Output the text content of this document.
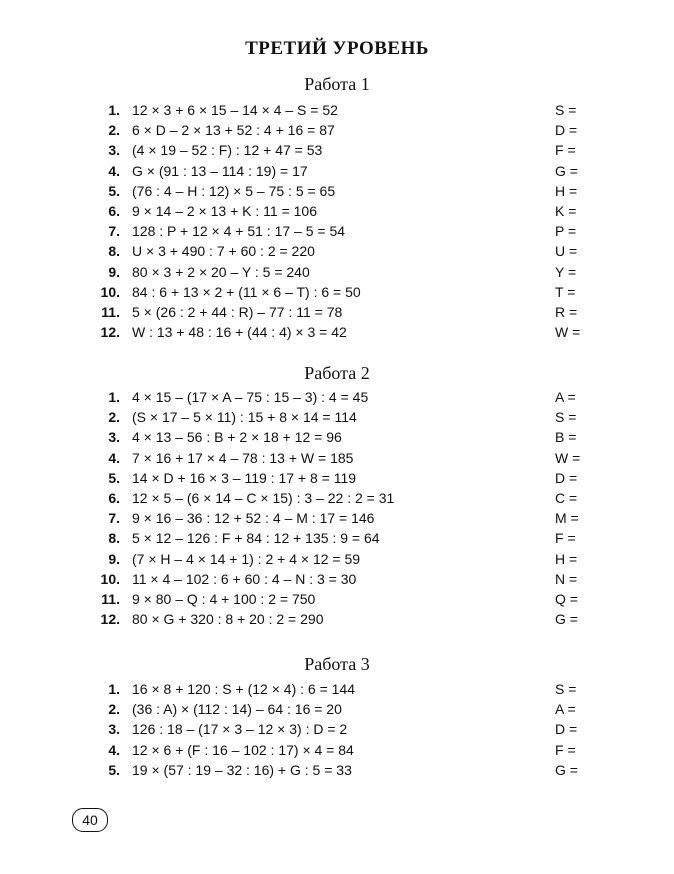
ТРЕТИЙ УРОВЕНЬ
Работа 1
1. 12 × 3 + 6 × 15 – 14 × 4 – S = 52	S =
2. 6 × D – 2 × 13 + 52 : 4 + 16 = 87	D =
3. (4 × 19 – 52 : F) : 12 + 47 = 53	F =
4. G × (91 : 13 – 114 : 19) = 17	G =
5. (76 : 4 – H : 12) × 5 – 75 : 5 = 65	H =
6. 9 × 14 – 2 × 13 + K : 11 = 106	K =
7. 128 : P + 12 × 4 + 51 : 17 – 5 = 54	P =
8. U × 3 + 490 : 7 + 60 : 2 = 220	U =
9. 80 × 3 + 2 × 20 – Y : 5 = 240	Y =
10. 84 : 6 + 13 × 2 + (11 × 6 – T) : 6 = 50	T =
11. 5 × (26 : 2 + 44 : R) – 77 : 11 = 78	R =
12. W : 13 + 48 : 16 + (44 : 4) × 3 = 42	W =
Работа 2
1. 4 × 15 – (17 × A – 75 : 15 – 3) : 4 = 45	A =
2. (S × 17 – 5 × 11) : 15 + 8 × 14 = 114	S =
3. 4 × 13 – 56 : B + 2 × 18 + 12 = 96	B =
4. 7 × 16 + 17 × 4 – 78 : 13 + W = 185	W =
5. 14 × D + 16 × 3 – 119 : 17 + 8 = 119	D =
6. 12 × 5 – (6 × 14 – C × 15) : 3 – 22 : 2 = 31	C =
7. 9 × 16 – 36 : 12 + 52 : 4 – M : 17 = 146	M =
8. 5 × 12 – 126 : F + 84 : 12 + 135 : 9 = 64	F =
9. (7 × H – 4 × 14 + 1) : 2 + 4 × 12 = 59	H =
10. 11 × 4 – 102 : 6 + 60 : 4 – N : 3 = 30	N =
11. 9 × 80 – Q : 4 + 100 : 2 = 750	Q =
12. 80 × G + 320 : 8 + 20 : 2 = 290	G =
Работа 3
1. 16 × 8 + 120 : S + (12 × 4) : 6 = 144	S =
2. (36 : A) × (112 : 14) – 64 : 16 = 20	A =
3. 126 : 18 – (17 × 3 – 12 × 3) : D = 2	D =
4. 12 × 6 + (F : 16 – 102 : 17) × 4 = 84	F =
5. 19 × (57 : 19 – 32 : 16) + G : 5 = 33	G =
40
